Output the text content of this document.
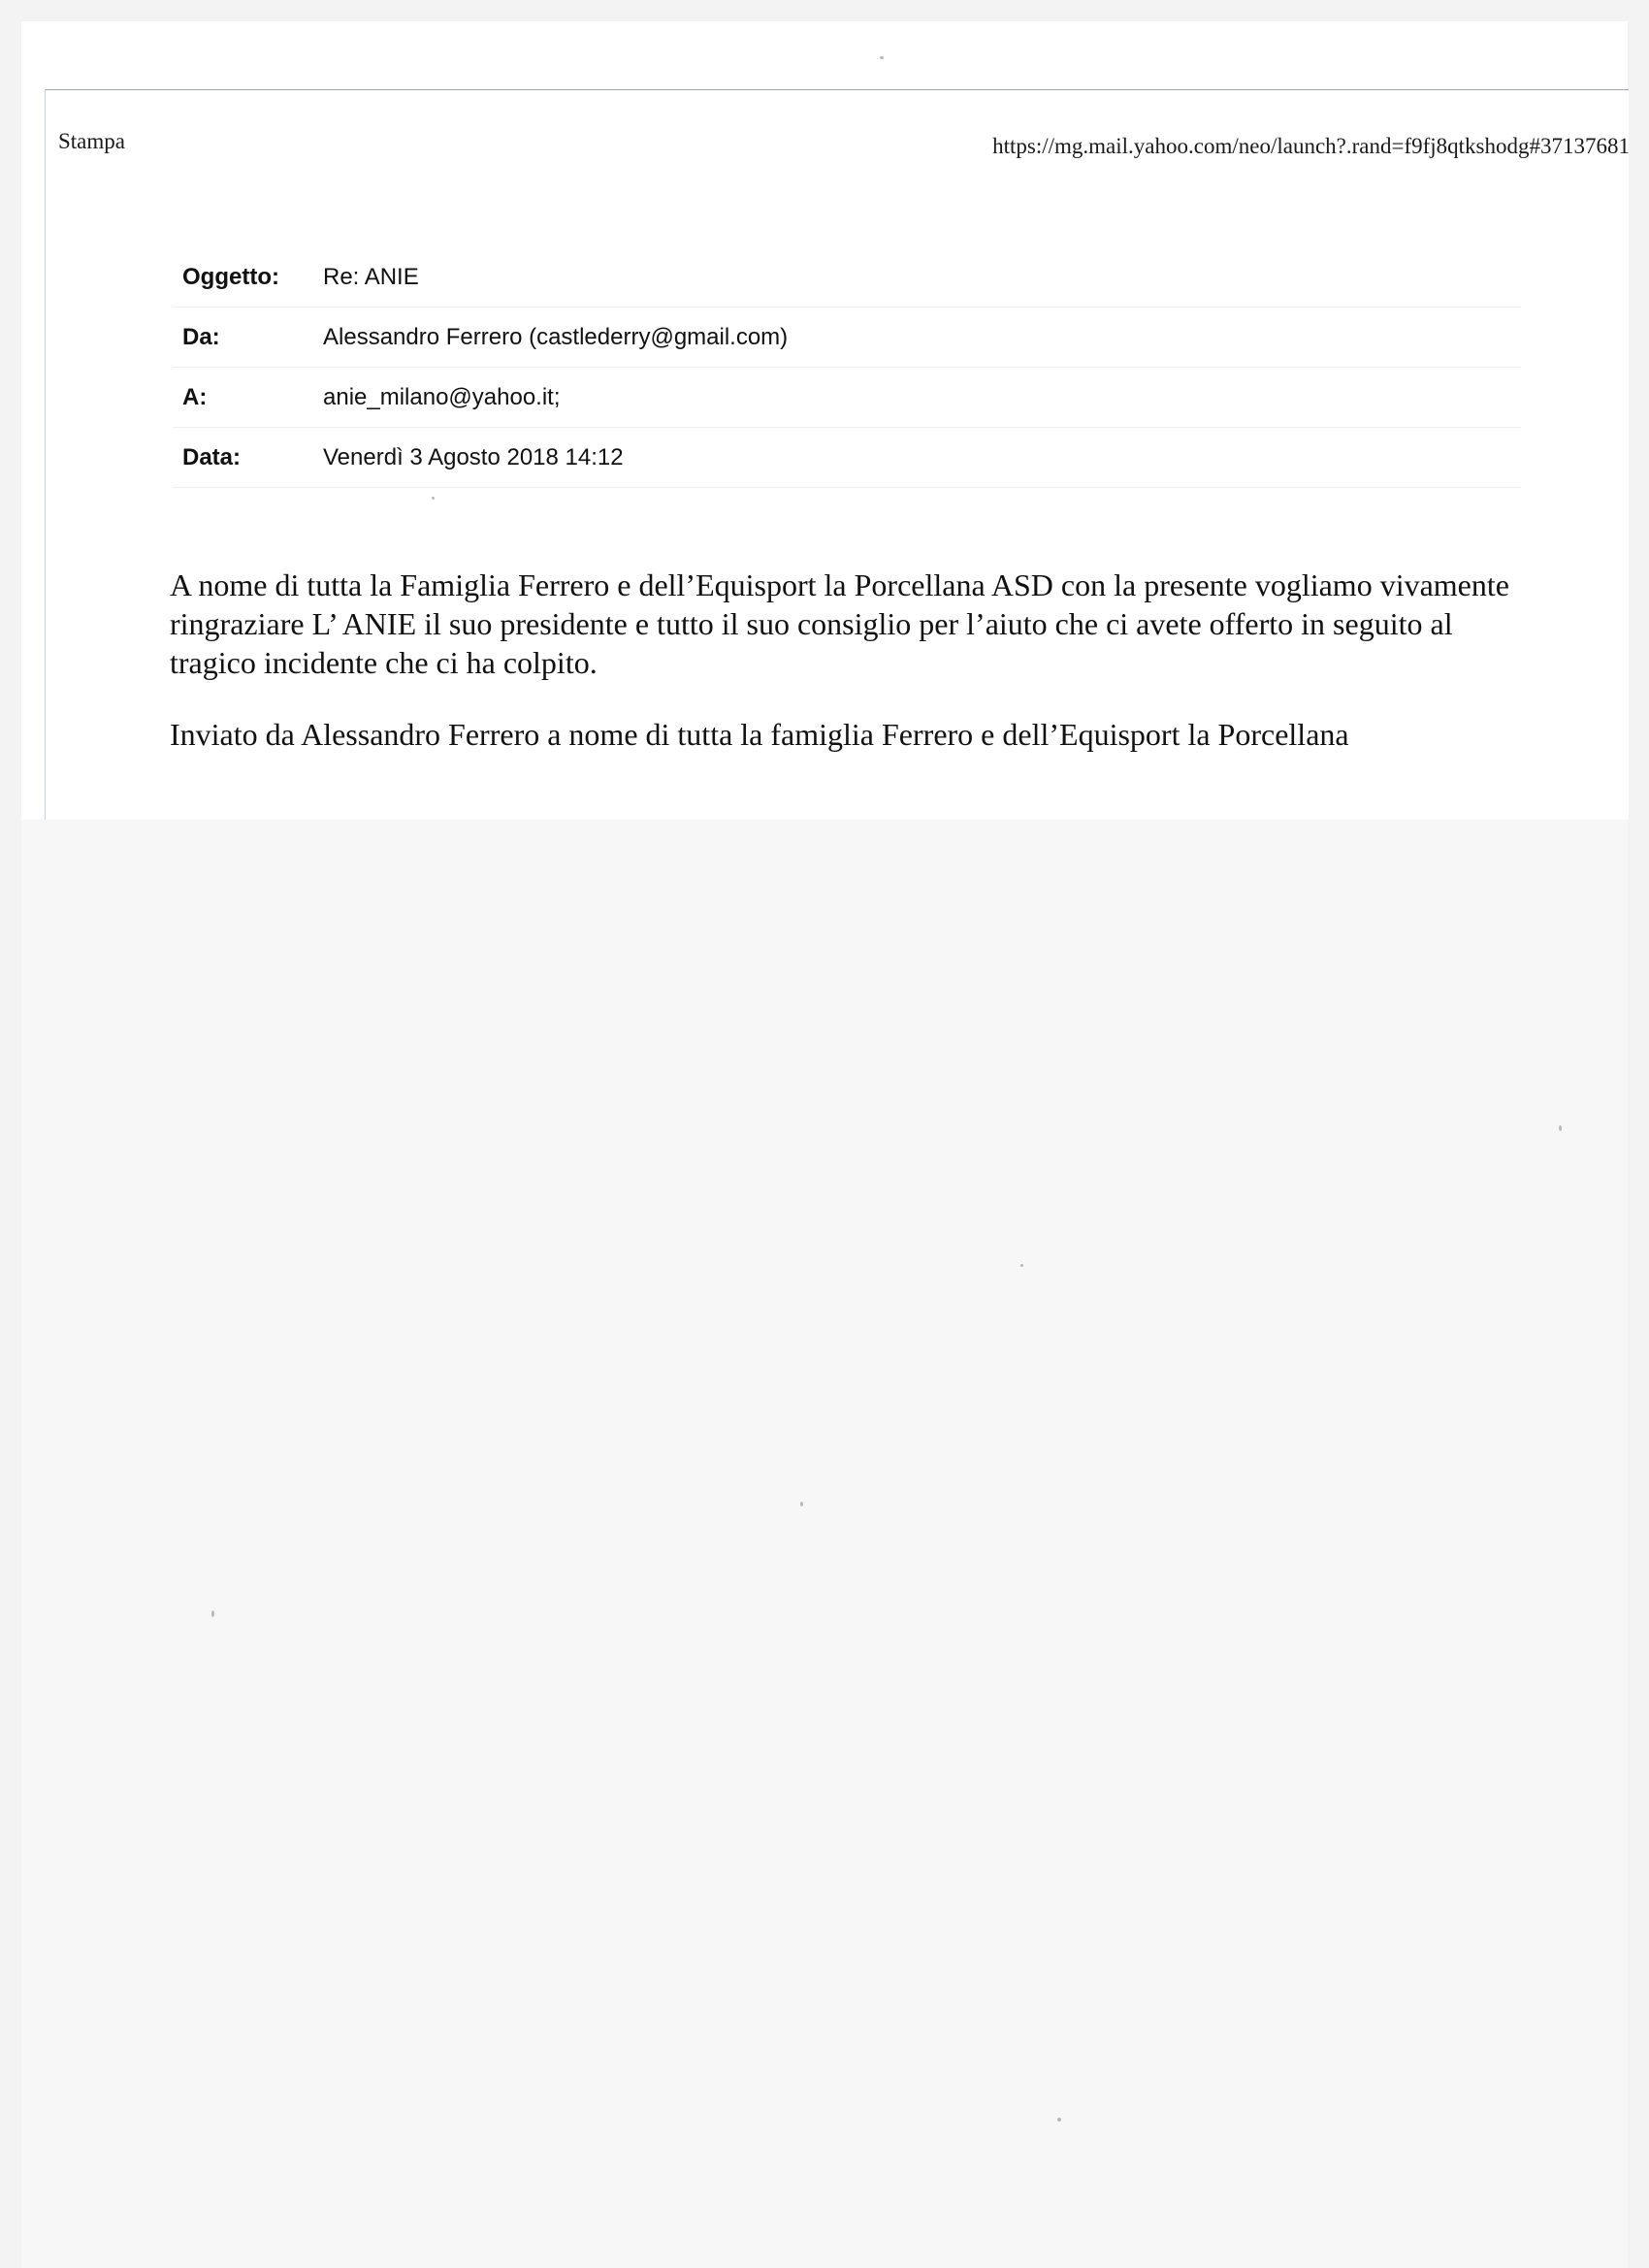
Stampa	https://mg.mail.yahoo.com/neo/launch?.rand=f9fj8qtkshodg#37137681
Oggetto:	Re: ANIE
Da:	Alessandro Ferrero (castlederry@gmail.com)
A:	anie_milano@yahoo.it;
Data:	Venerdì 3 Agosto 2018 14:12

A nome di tutta la Famiglia Ferrero e dell’Equisport la Porcellana ASD con la presente vogliamo vivamente ringraziare L’ ANIE il suo presidente e tutto il suo consiglio per l’aiuto che ci avete offerto in seguito al tragico incidente che ci ha colpito.

Inviato da Alessandro Ferrero a nome di tutta la famiglia Ferrero e dell’Equisport la Porcellana
